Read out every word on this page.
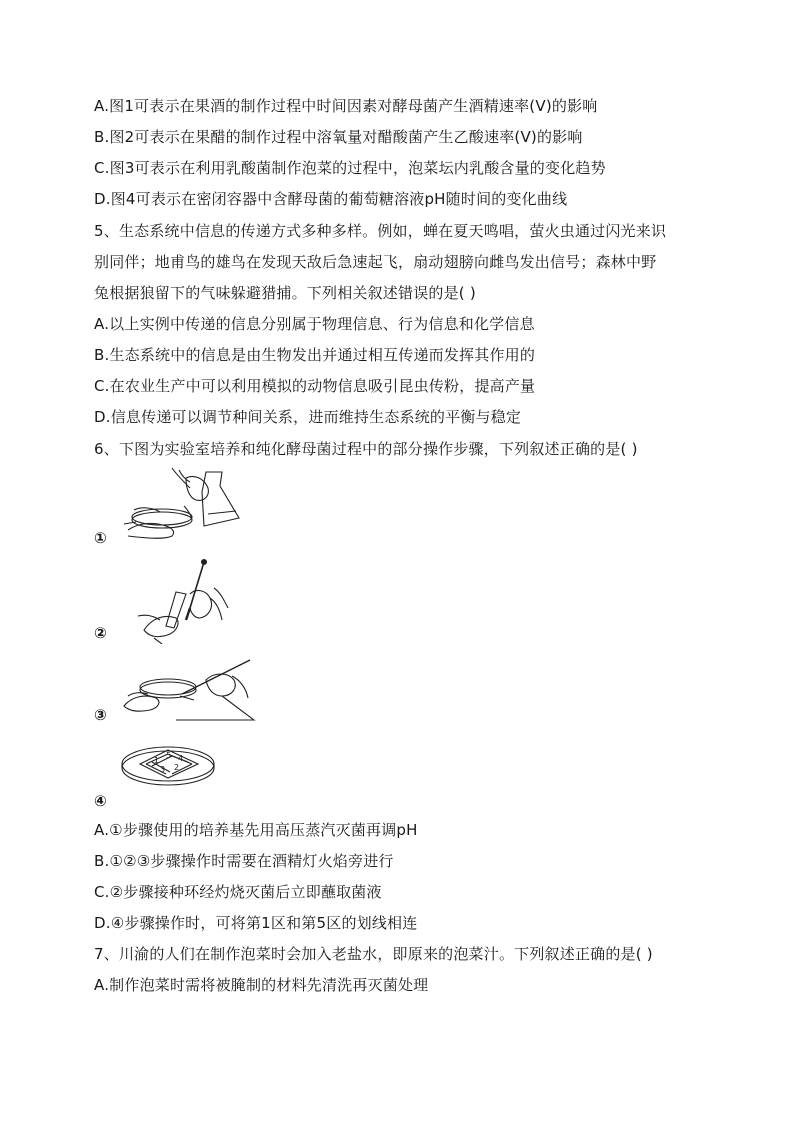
A.图1可表示在果酒的制作过程中时间因素对酵母菌产生酒精速率(V)的影响
B.图2可表示在果醋的制作过程中溶氧量对醋酸菌产生乙酸速率(V)的影响
C.图3可表示在利用乳酸菌制作泡菜的过程中，泡菜坛内乳酸含量的变化趋势
D.图4可表示在密闭容器中含酵母菌的葡萄糖溶液pH随时间的变化曲线
5、生态系统中信息的传递方式多种多样。例如，蝉在夏天鸣唱，萤火虫通过闪光来识
别同伴；地甫鸟的雄鸟在发现天敌后急速起飞，扇动翅膀向雌鸟发出信号；森林中野
兔根据狼留下的气味躲避猎捕。下列相关叙述错误的是( )
A.以上实例中传递的信息分别属于物理信息、行为信息和化学信息
B.生态系统中的信息是由生物发出并通过相互传递而发挥其作用的
C.在农业生产中可以利用模拟的动物信息吸引昆虫传粉，提高产量
D.信息传递可以调节种间关系，进而维持生态系统的平衡与稳定
6、下图为实验室培养和纯化酵母菌过程中的部分操作步骤，下列叙述正确的是( )
①
②
③
④
1
2
3
4
5
A.①步骤使用的培养基先用高压蒸汽灭菌再调pH
B.①②③步骤操作时需要在酒精灯火焰旁进行
C.②步骤接种环经灼烧灭菌后立即蘸取菌液
D.④步骤操作时，可将第1区和第5区的划线相连
7、川渝的人们在制作泡菜时会加入老盐水，即原来的泡菜汁。下列叙述正确的是( )
A.制作泡菜时需将被腌制的材料先清洗再灭菌处理
